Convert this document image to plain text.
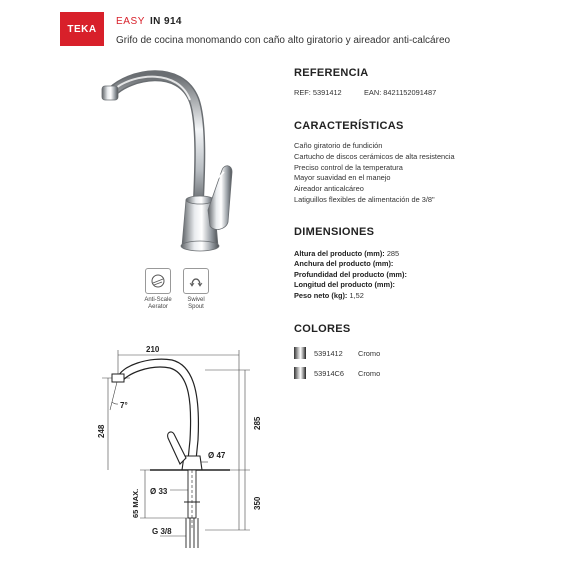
TEKA
EASY IN 914
Grifo de cocina monomando con caño alto giratorio y aireador anti-calcáreo
Anti-Scale
Aerator
Swivel
Spout
210
285
350
248
65 MAX.
7°
Ø 47
Ø 33
G 3/8
REFERENCIA
REF: 5391412	EAN: 8421152091487
CARACTERÍSTICAS
Caño giratorio de fundición
Cartucho de discos cerámicos de alta resistencia
Preciso control de la temperatura
Mayor suavidad en el manejo
Aireador anticalcáreo
Latiguillos flexibles de alimentación de 3/8"
DIMENSIONES
Altura del producto (mm): 285
Anchura del producto (mm):
Profundidad del producto (mm):
Longitud del producto (mm):
Peso neto (kg): 1,52
COLORES
5391412	Cromo
53914C6	Cromo
